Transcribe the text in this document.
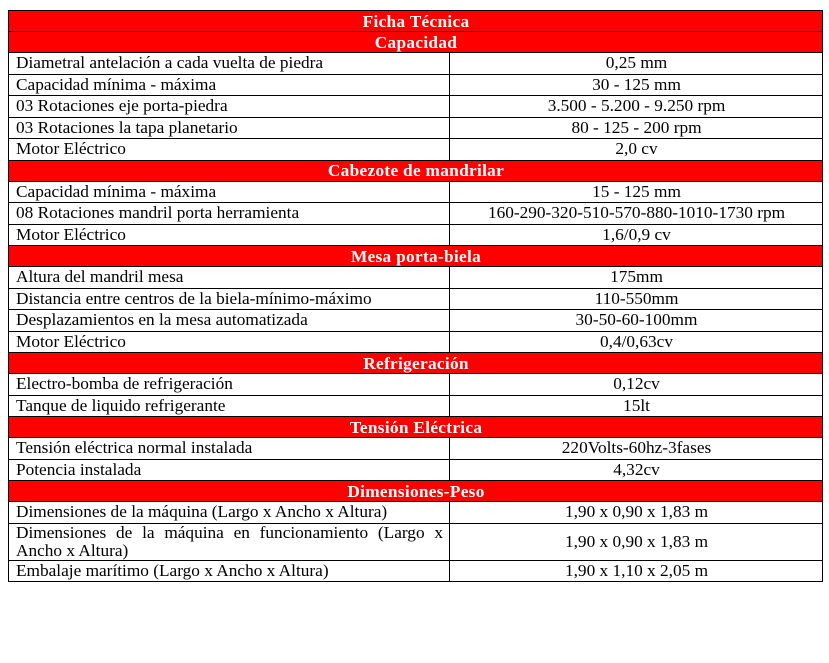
Ficha Técnica	
Capacidad	
Diametral antelación a cada vuelta de piedra	0,25 mm
Capacidad mínima - máxima	30 - 125 mm
03 Rotaciones eje porta-piedra	3.500 - 5.200 - 9.250 rpm
03 Rotaciones la tapa planetario	80 - 125 - 200 rpm
Motor Eléctrico	2,0 cv
Cabezote de mandrilar	
Capacidad mínima - máxima	15 - 125 mm
08 Rotaciones mandril porta herramienta	160-290-320-510-570-880-1010-1730 rpm
Motor Eléctrico	1,6/0,9 cv
Mesa porta-biela	
Altura del mandril mesa	175mm
Distancia entre centros de la biela-mínimo-máximo	110-550mm
Desplazamientos en la mesa automatizada	30-50-60-100mm
Motor Eléctrico	0,4/0,63cv
Refrigeración	
Electro-bomba de refrigeración	0,12cv
Tanque de liquido refrigerante	15lt
Tensión Eléctrica	
Tensión eléctrica normal instalada	220Volts-60hz-3fases
Potencia instalada	4,32cv
Dimensiones-Peso	
Dimensiones de la máquina (Largo x Ancho x Altura)	1,90 x 0,90 x 1,83 m
Dimensiones de la máquina en funcionamiento (Largo x Ancho x Altura)	1,90 x 0,90 x 1,83 m
Embalaje marítimo (Largo x Ancho x Altura)	1,90 x 1,10 x 2,05 m
